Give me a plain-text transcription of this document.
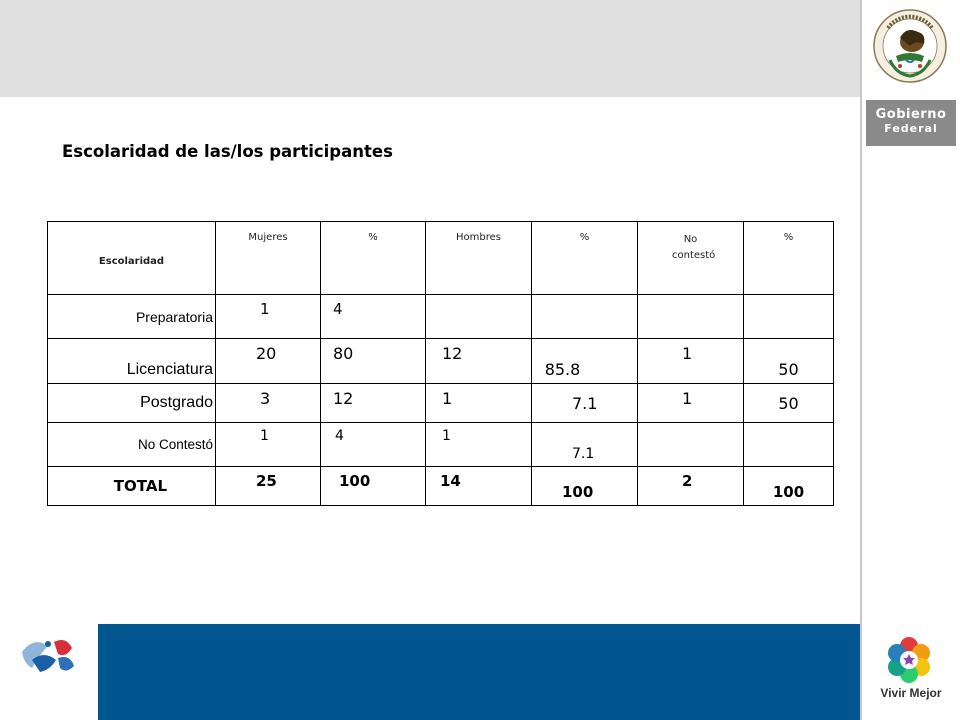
Gobierno
Federal
Escolaridad de las/los participantes
Escolaridad	Mujeres	%	Hombres	%	No contestó	%
Preparatoria	1	4				
Licenciatura	20	80	12	85.8	1	50
Postgrado	3	12	1	7.1	1	50
No Contestó	1	4	1	7.1		
TOTAL	25	100	14	100	2	100
Vivir Mejor
